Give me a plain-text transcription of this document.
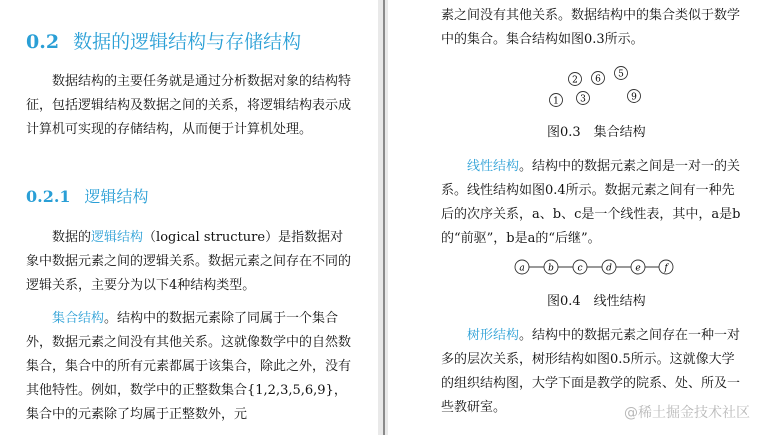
0.2 数据的逻辑结构与存储结构

数据结构的主要任务就是通过分析数据对象的结构特征，包括逻辑结构及数据之间的关系，将逻辑结构表示成计算机可实现的存储结构，从而便于计算机处理。

0.2.1 逻辑结构

数据的逻辑结构（logical structure）是指数据对象中数据元素之间的逻辑关系。数据元素之间存在不同的逻辑关系，主要分为以下4种结构类型。

集合结构。结构中的数据元素除了同属于一个集合外，数据元素之间没有其他关系。这就像数学中的自然数集合，集合中的所有元素都属于该集合，除此之外，没有其他特性。例如，数学中的正整数集合{1,2,3,5,6,9}，集合中的元素除了均属于正整数外，元

素之间没有其他关系。数据结构中的集合类似于数学中的集合。集合结构如图0.3所示。

2 6 5
1 3	9
图0.3　集合结构

线性结构。结构中的数据元素之间是一对一的关系。线性结构如图0.4所示。数据元素之间有一种先后的次序关系，a、b、c是一个线性表，其中，a是b的“前驱”，b是a的“后继”。

a	b	c	d	e	f
图0.4　线性结构

树形结构。结构中的数据元素之间存在一种一对多的层次关系，树形结构如图0.5所示。这就像大学的组织结构图，大学下面是教学的院系、处、所及一些教研室。	@稀土掘金技术社区
